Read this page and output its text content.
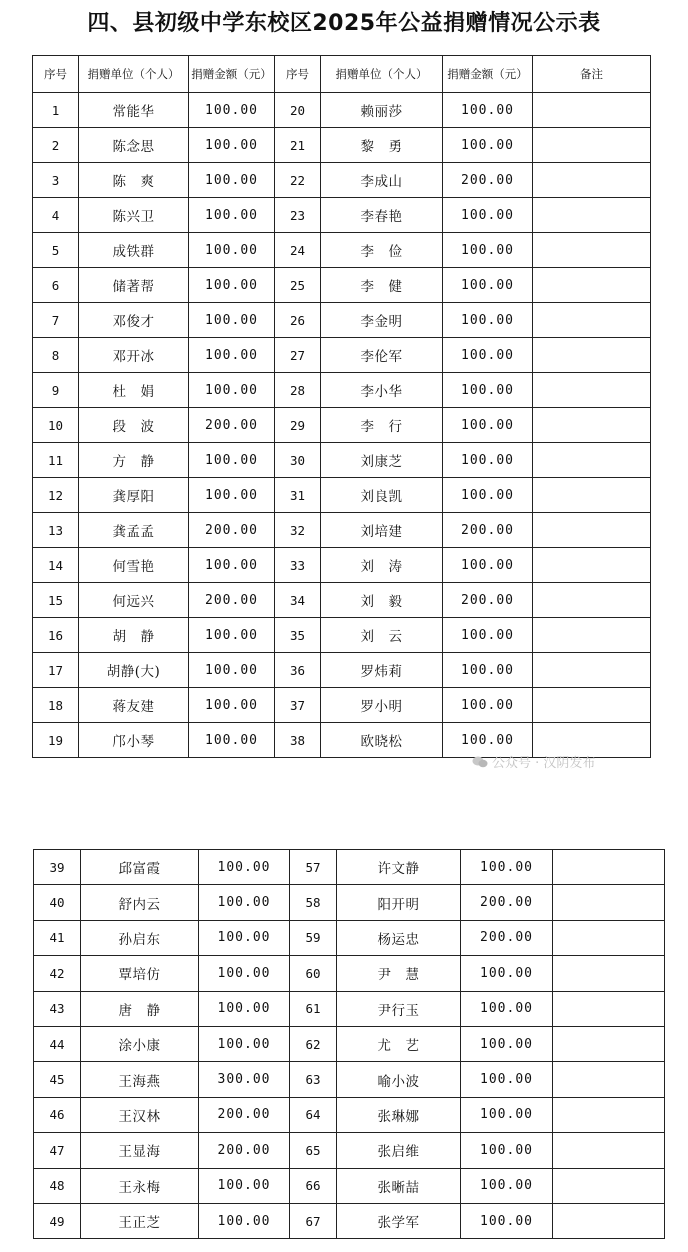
四、县初级中学东校区2025年公益捐赠情况公示表
序号	捐赠单位（个人）	捐赠金额（元）	序号	捐赠单位（个人）	捐赠金额（元）	备注
1	常能华	100.00	20	赖丽莎	100.00	
2	陈念思	100.00	21	黎　勇	100.00	
3	陈　爽	100.00	22	李成山	200.00	
4	陈兴卫	100.00	23	李春艳	100.00	
5	成铁群	100.00	24	李　俭	100.00	
6	储著帮	100.00	25	李　健	100.00	
7	邓俊才	100.00	26	李金明	100.00	
8	邓开冰	100.00	27	李伦军	100.00	
9	杜　娟	100.00	28	李小华	100.00	
10	段　波	200.00	29	李　行	100.00	
11	方　静	100.00	30	刘康芝	100.00	
12	龚厚阳	100.00	31	刘良凯	100.00	
13	龚孟孟	200.00	32	刘培建	200.00	
14	何雪艳	100.00	33	刘　涛	100.00	
15	何远兴	200.00	34	刘　毅	200.00	
16	胡　静	100.00	35	刘　云	100.00	
17	胡静(大)	100.00	36	罗炜莉	100.00	
18	蒋友建	100.00	37	罗小明	100.00	
19	邝小琴	100.00	38	欧晓松	100.00	
公众号 · 汉阴发布
39	邱富霞	100.00	57	许文静	100.00	
40	舒内云	100.00	58	阳开明	200.00	
41	孙启东	100.00	59	杨运忠	200.00	
42	覃培仿	100.00	60	尹　慧	100.00	
43	唐　静	100.00	61	尹行玉	100.00	
44	涂小康	100.00	62	尤　艺	100.00	
45	王海燕	300.00	63	喻小波	100.00	
46	王汉林	200.00	64	张琳娜	100.00	
47	王显海	200.00	65	张启维	100.00	
48	王永梅	100.00	66	张晰喆	100.00	
49	王正芝	100.00	67	张学军	100.00	
